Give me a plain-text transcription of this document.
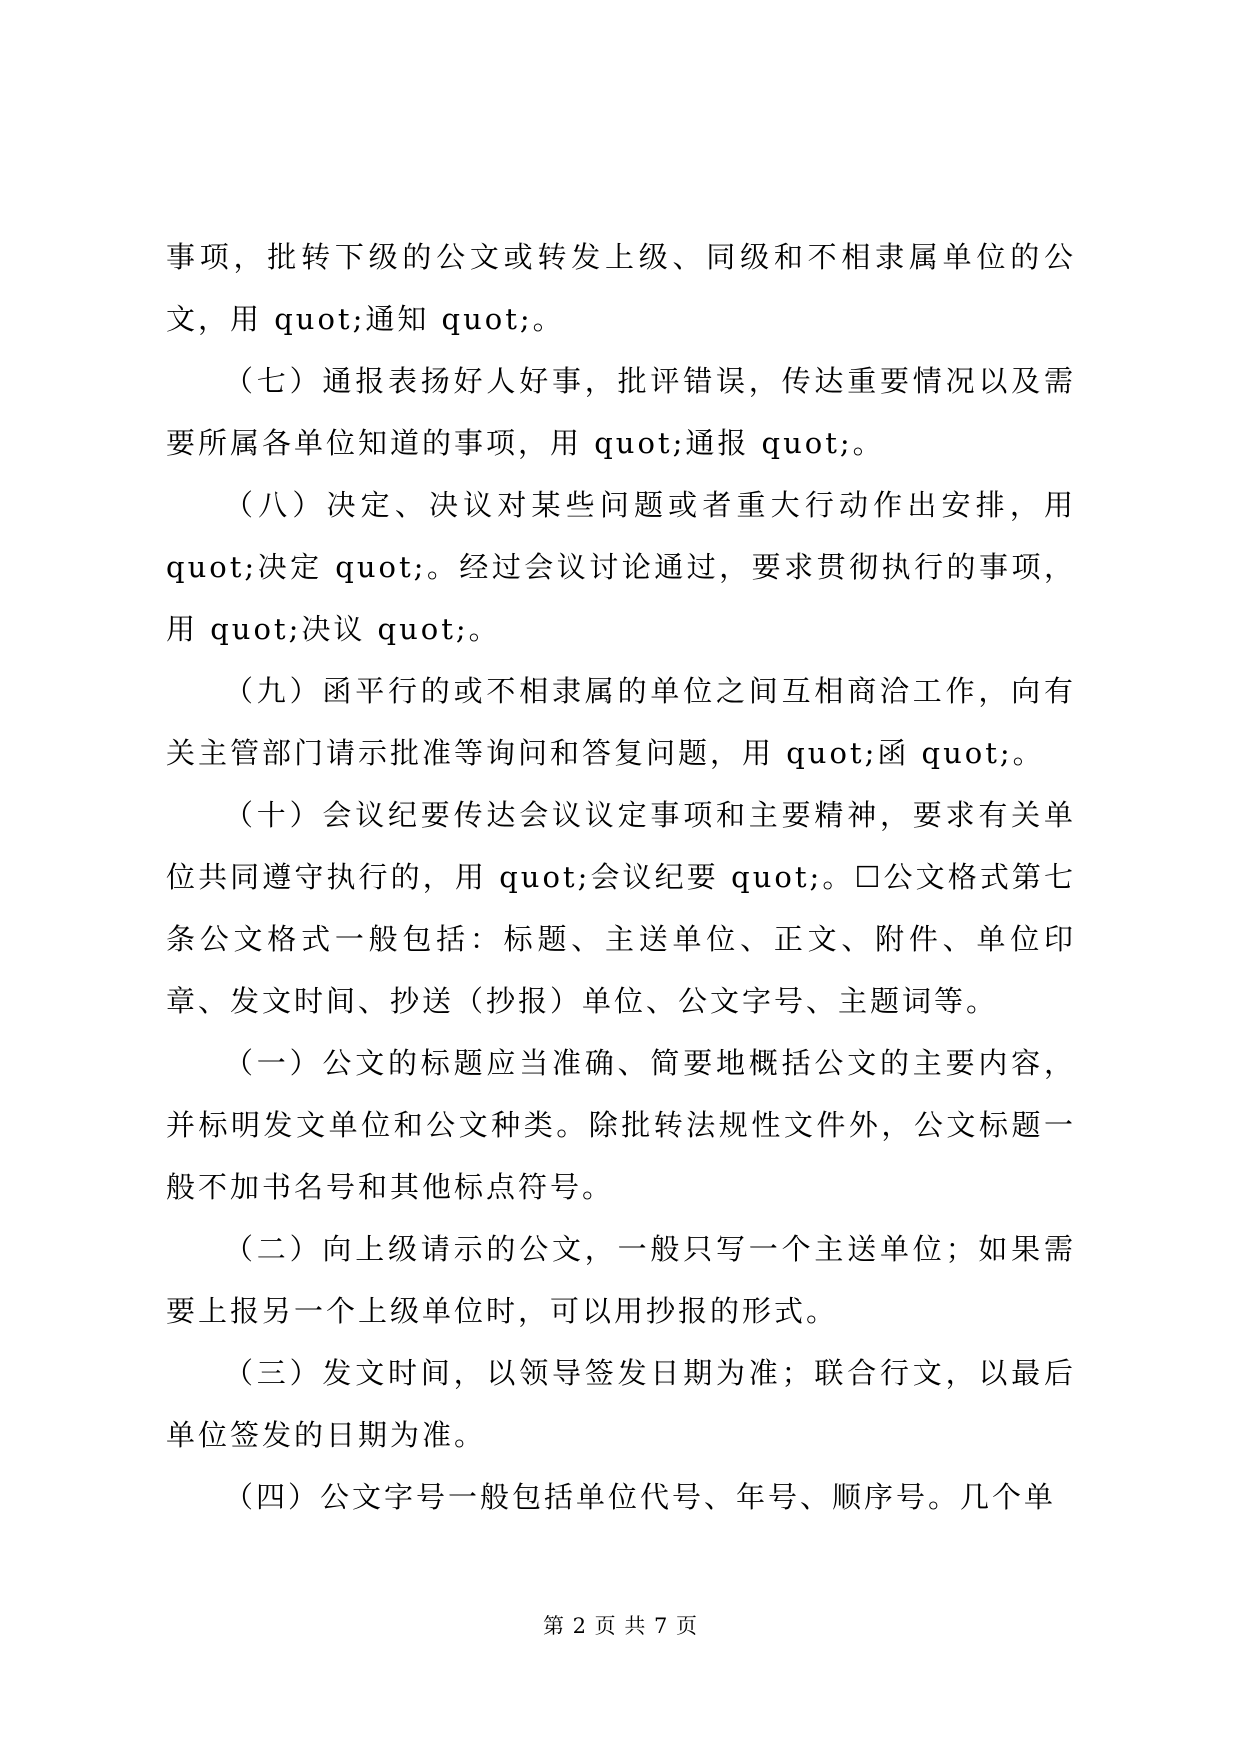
事项，批转下级的公文或转发上级、同级和不相隶属单位的公文，用 quot;通知 quot;。

（七）通报表扬好人好事，批评错误，传达重要情况以及需要所属各单位知道的事项，用 quot;通报 quot;。

（八）决定、决议对某些问题或者重大行动作出安排，用 quot;决定 quot;。经过会议讨论通过，要求贯彻执行的事项，用 quot;决议 quot;。

（九）函平行的或不相隶属的单位之间互相商洽工作，向有关主管部门请示批准等询问和答复问题，用 quot;函 quot;。

（十）会议纪要传达会议议定事项和主要精神，要求有关单位共同遵守执行的，用 quot;会议纪要 quot;。☐公文格式第七条公文格式一般包括：标题、主送单位、正文、附件、单位印章、发文时间、抄送（抄报）单位、公文字号、主题词等。

（一）公文的标题应当准确、简要地概括公文的主要内容，并标明发文单位和公文种类。除批转法规性文件外，公文标题一般不加书名号和其他标点符号。

（二）向上级请示的公文，一般只写一个主送单位；如果需要上报另一个上级单位时，可以用抄报的形式。

（三）发文时间，以领导签发日期为准；联合行文，以最后单位签发的日期为准。

（四）公文字号一般包括单位代号、年号、顺序号。几个单

第 2 页 共 7 页
